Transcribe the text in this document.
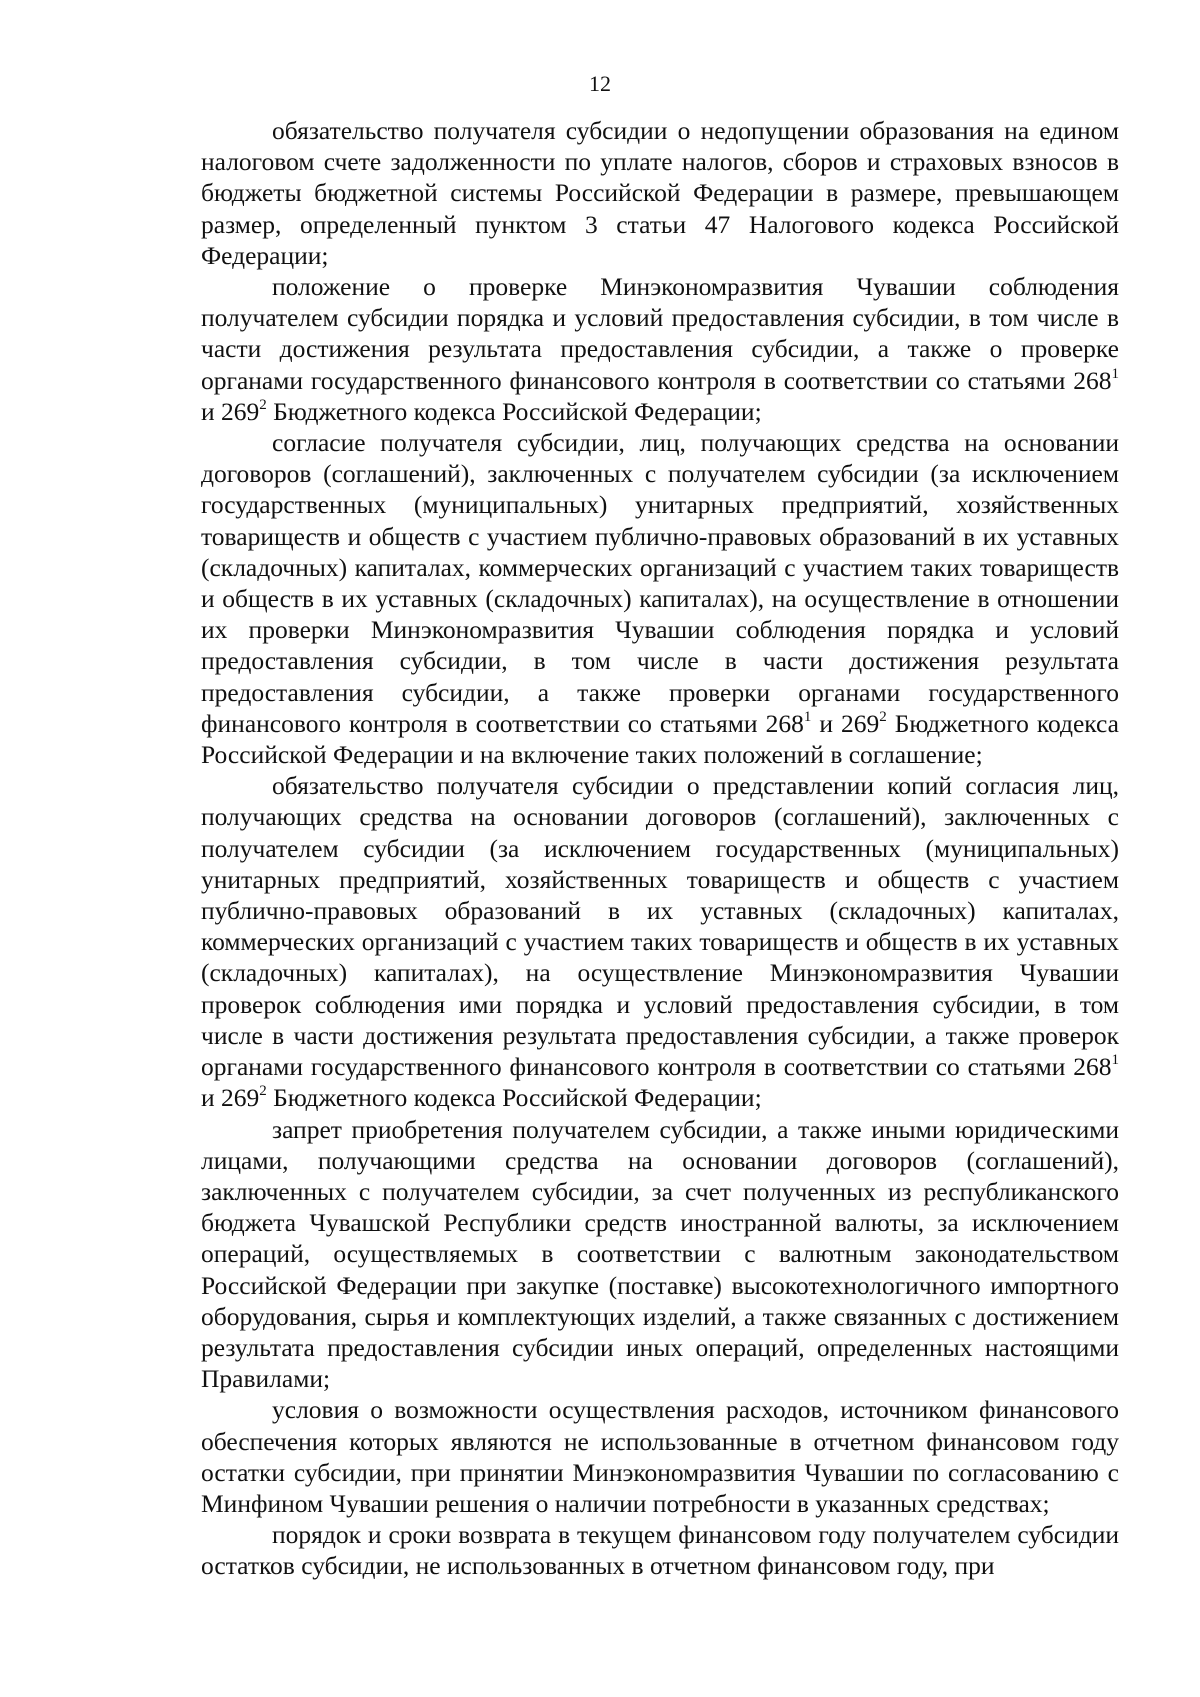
12

обязательство получателя субсидии о недопущении образования на едином налоговом счете задолженности по уплате налогов, сборов и страховых взносов в бюджеты бюджетной системы Российской Федерации в размере, превышающем размер, определенный пунктом 3 статьи 47 Налогового кодекса Российской Федерации;

положение о проверке Минэкономразвития Чувашии соблюдения получателем субсидии порядка и условий предоставления субсидии, в том числе в части достижения результата предоставления субсидии, а также о проверке органами государственного финансового контроля в соответствии со статьями $268^1$ и $269^2$ Бюджетного кодекса Российской Федерации;

согласие получателя субсидии, лиц, получающих средства на основании договоров (соглашений), заключенных с получателем субсидии (за исключением государственных (муниципальных) унитарных предприятий, хозяйственных товариществ и обществ с участием публично-правовых образований в их уставных (складочных) капиталах, коммерческих организаций с участием таких товариществ и обществ в их уставных (складочных) капиталах), на осуществление в отношении их проверки Минэкономразвития Чувашии соблюдения порядка и условий предоставления субсидии, в том числе в части достижения результата предоставления субсидии, а также проверки органами государственного финансового контроля в соответствии со статьями $268^1$ и $269^2$ Бюджетного кодекса Российской Федерации и на включение таких положений в соглашение;

обязательство получателя субсидии о представлении копий согласия лиц, получающих средства на основании договоров (соглашений), заключенных с получателем субсидии (за исключением государственных (муниципальных) унитарных предприятий, хозяйственных товариществ и обществ с участием публично-правовых образований в их уставных (складочных) капиталах, коммерческих организаций с участием таких товариществ и обществ в их уставных (складочных) капиталах), на осуществление Минэкономразвития Чувашии проверок соблюдения ими порядка и условий предоставления субсидии, в том числе в части достижения результата предоставления субсидии, а также проверок органами государственного финансового контроля в соответствии со статьями $268^1$ и $269^2$ Бюджетного кодекса Российской Федерации;

запрет приобретения получателем субсидии, а также иными юридическими лицами, получающими средства на основании договоров (соглашений), заключенных с получателем субсидии, за счет полученных из республиканского бюджета Чувашской Республики средств иностранной валюты, за исключением операций, осуществляемых в соответствии с валютным законодательством Российской Федерации при закупке (поставке) высокотехнологичного импортного оборудования, сырья и комплектующих изделий, а также связанных с достижением результата предоставления субсидии иных операций, определенных настоящими Правилами;

условия о возможности осуществления расходов, источником финансового обеспечения которых являются не использованные в отчетном финансовом году остатки субсидии, при принятии Минэкономразвития Чувашии по согласованию с Минфином Чувашии решения о наличии потребности в указанных средствах;

порядок и сроки возврата в текущем финансовом году получателем субсидии остатков субсидии, не использованных в отчетном финансовом году, при
